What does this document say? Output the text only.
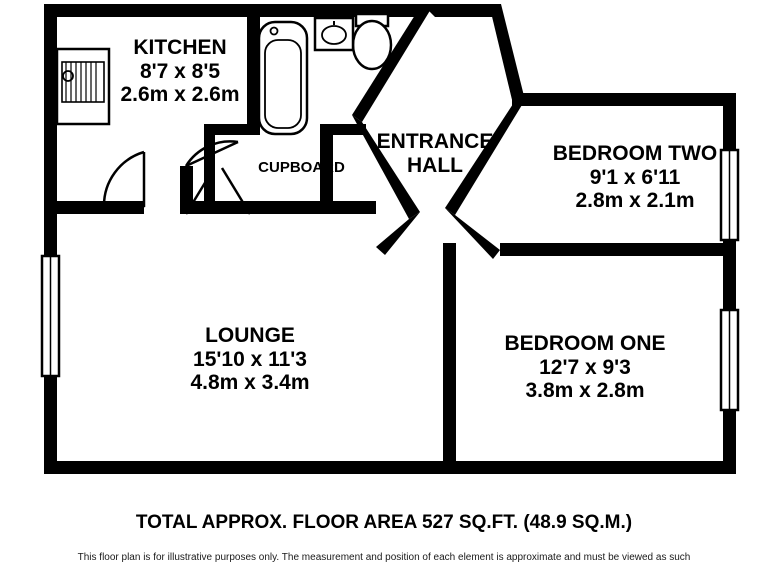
KITCHEN
8'7 x 8'5
2.6m x 2.6m
LOUNGE
15'10 x 11'3
4.8m x 3.4m
BEDROOM ONE
12'7 x 9'3
3.8m x 2.8m
BEDROOM TWO
9'1 x 6'11
2.8m x 2.1m
ENTRANCE
HALL
CUPBOARD
TOTAL APPROX. FLOOR AREA 527 SQ.FT. (48.9 SQ.M.)
This floor plan is for illustrative purposes only. The measurement and position of each element is approximate and must be viewed as such
